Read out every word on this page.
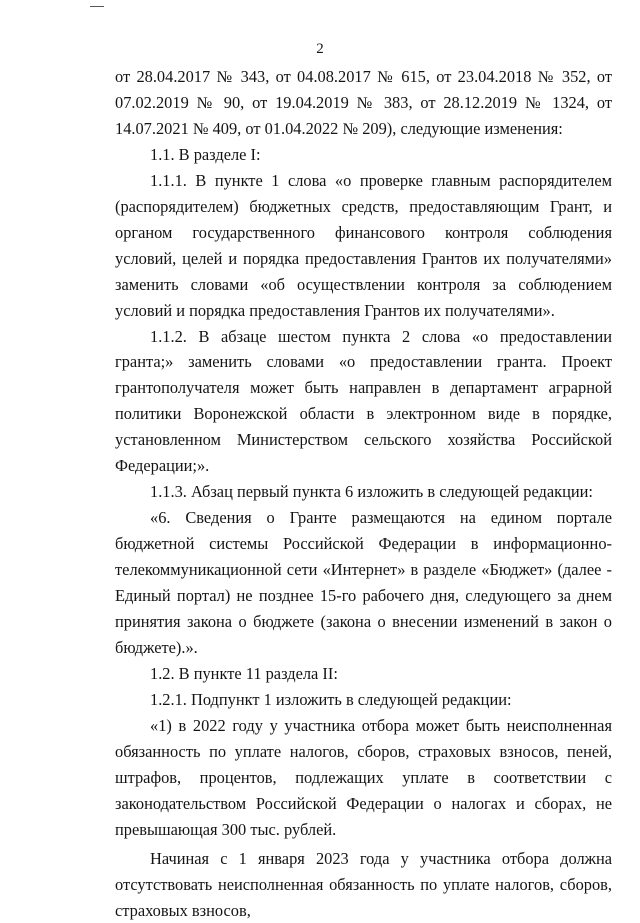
2

от 28.04.2017 № 343, от 04.08.2017 № 615, от 23.04.2018 № 352, от 07.02.2019 № 90, от 19.04.2019 № 383, от 28.12.2019 № 1324, от 14.07.2021 № 409, от 01.04.2022 № 209), следующие изменения:

1.1. В разделе I:

1.1.1. В пункте 1 слова «о проверке главным распорядителем (распорядителем) бюджетных средств, предоставляющим Грант, и органом государственного финансового контроля соблюдения условий, целей и порядка предоставления Грантов их получателями» заменить словами «об осуществлении контроля за соблюдением условий и порядка предоставления Грантов их получателями».

1.1.2. В абзаце шестом пункта 2 слова «о предоставлении гранта;» заменить словами «о предоставлении гранта. Проект грантополучателя может быть направлен в департамент аграрной политики Воронежской области в электронном виде в порядке, установленном Министерством сельского хозяйства Российской Федерации;».

1.1.3. Абзац первый пункта 6 изложить в следующей редакции:

«6. Сведения о Гранте размещаются на едином портале бюджетной системы Российской Федерации в информационно-телекоммуникационной сети «Интернет» в разделе «Бюджет» (далее - Единый портал) не позднее 15-го рабочего дня, следующего за днем принятия закона о бюджете (закона о внесении изменений в закон о бюджете).».

1.2. В пункте 11 раздела II:

1.2.1. Подпункт 1 изложить в следующей редакции:

«1) в 2022 году у участника отбора может быть неисполненная обязанность по уплате налогов, сборов, страховых взносов, пеней, штрафов, процентов, подлежащих уплате в соответствии с законодательством Российской Федерации о налогах и сборах, не превышающая 300 тыс. рублей.

Начиная с 1 января 2023 года у участника отбора должна отсутствовать неисполненная обязанность по уплате налогов, сборов, страховых взносов,
